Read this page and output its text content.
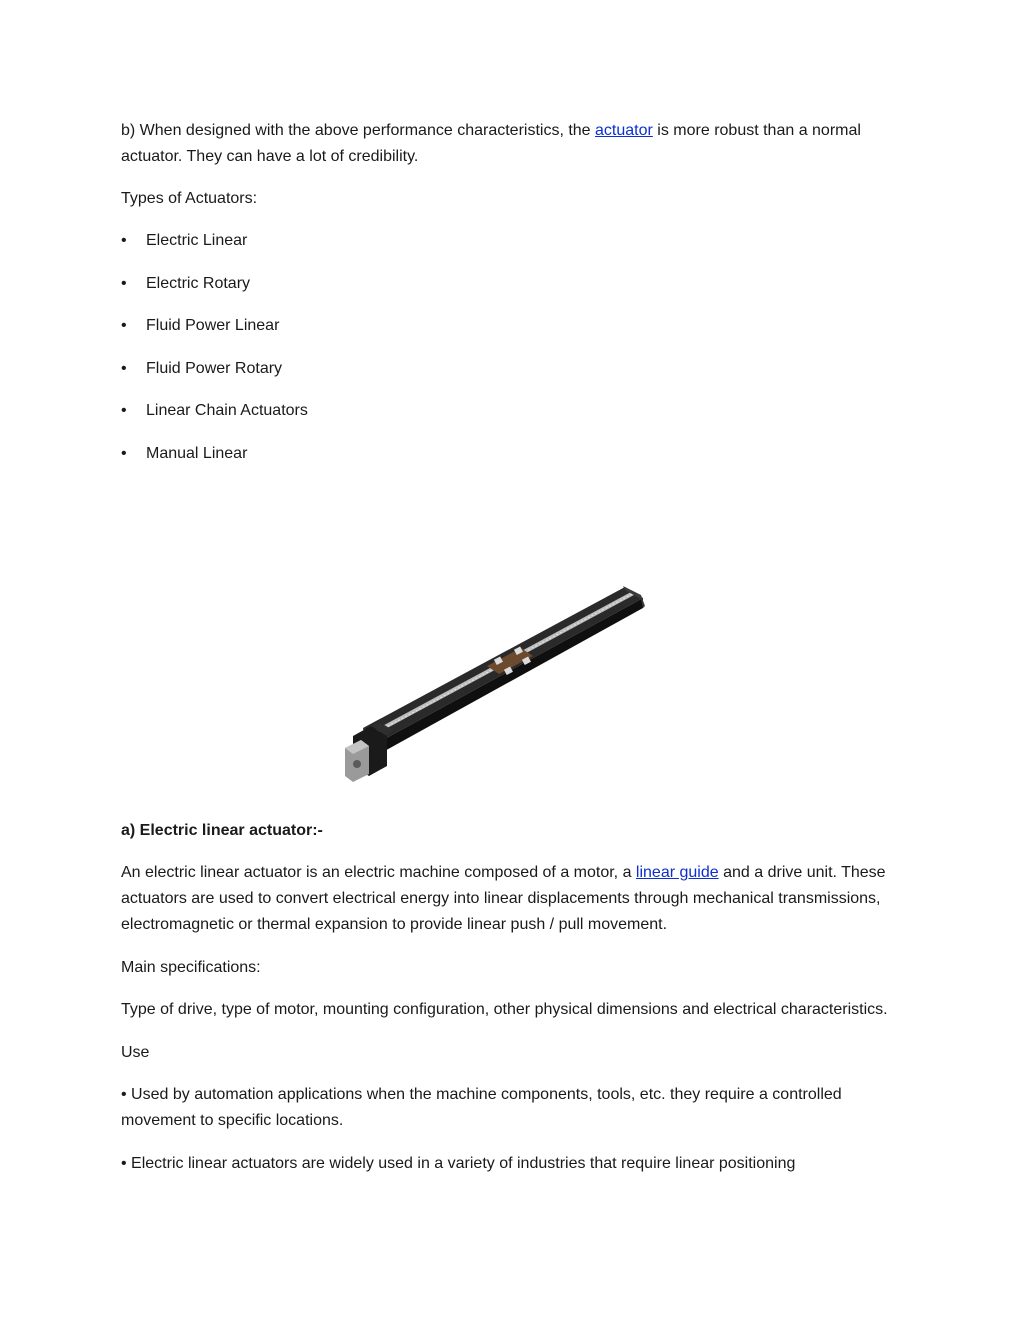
b) When designed with the above performance characteristics, the actuator is more robust than a normal actuator. They can have a lot of credibility.

Types of Actuators:

•	Electric Linear
•	Electric Rotary
•	Fluid Power Linear
•	Fluid Power Rotary
•	Linear Chain Actuators
•	Manual Linear

a) Electric linear actuator:-

An electric linear actuator is an electric machine composed of a motor, a linear guide and a drive unit. These actuators are used to convert electrical energy into linear displacements through mechanical transmissions, electromagnetic or thermal expansion to provide linear push / pull movement.

Main specifications:

Type of drive, type of motor, mounting configuration, other physical dimensions and electrical characteristics.

Use

• Used by automation applications when the machine components, tools, etc. they require a controlled movement to specific locations.

• Electric linear actuators are widely used in a variety of industries that require linear positioning
